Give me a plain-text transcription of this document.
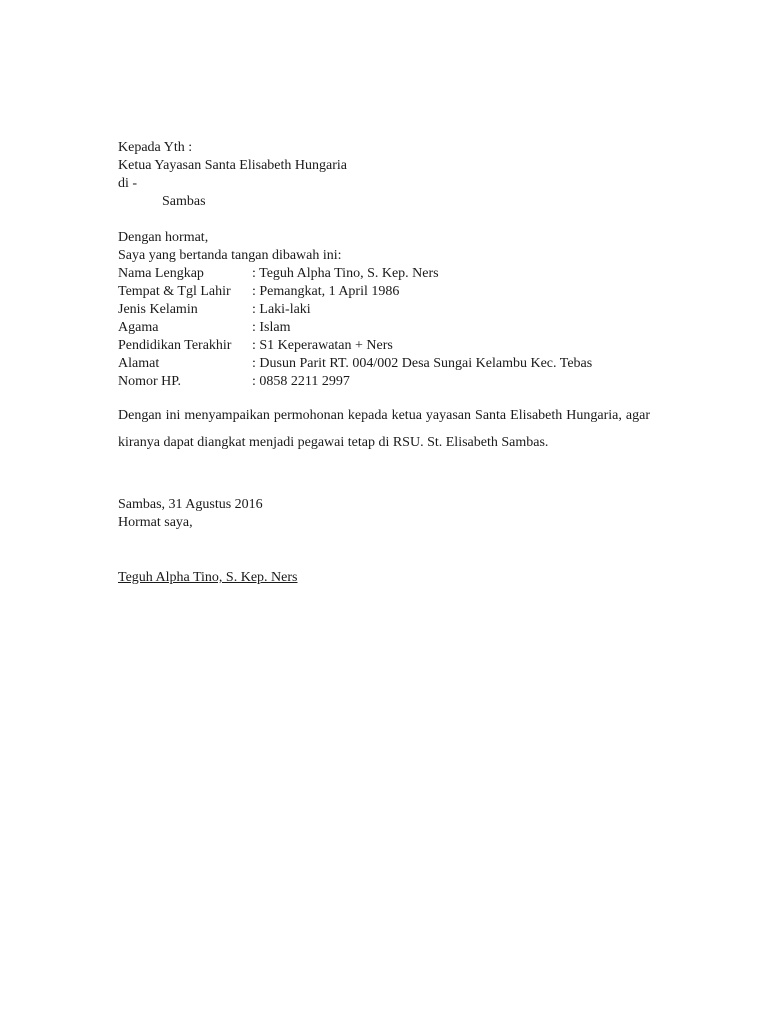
Kepada Yth :
Ketua Yayasan Santa Elisabeth Hungaria
di -
Sambas
Dengan hormat,
Saya yang bertanda tangan dibawah ini:
Nama Lengkap	: Teguh Alpha Tino, S. Kep. Ners
Tempat & Tgl Lahir	: Pemangkat, 1 April 1986
Jenis Kelamin	: Laki-laki
Agama	: Islam
Pendidikan Terakhir	: S1 Keperawatan + Ners
Alamat	: Dusun Parit RT. 004/002 Desa Sungai Kelambu Kec. Tebas
Nomor HP.	: 0858 2211 2997
Dengan ini menyampaikan permohonan kepada ketua yayasan Santa Elisabeth Hungaria, agar kiranya dapat diangkat menjadi pegawai tetap di RSU. St. Elisabeth Sambas.
Sambas, 31 Agustus 2016
Hormat saya,
Teguh Alpha Tino, S. Kep. Ners
